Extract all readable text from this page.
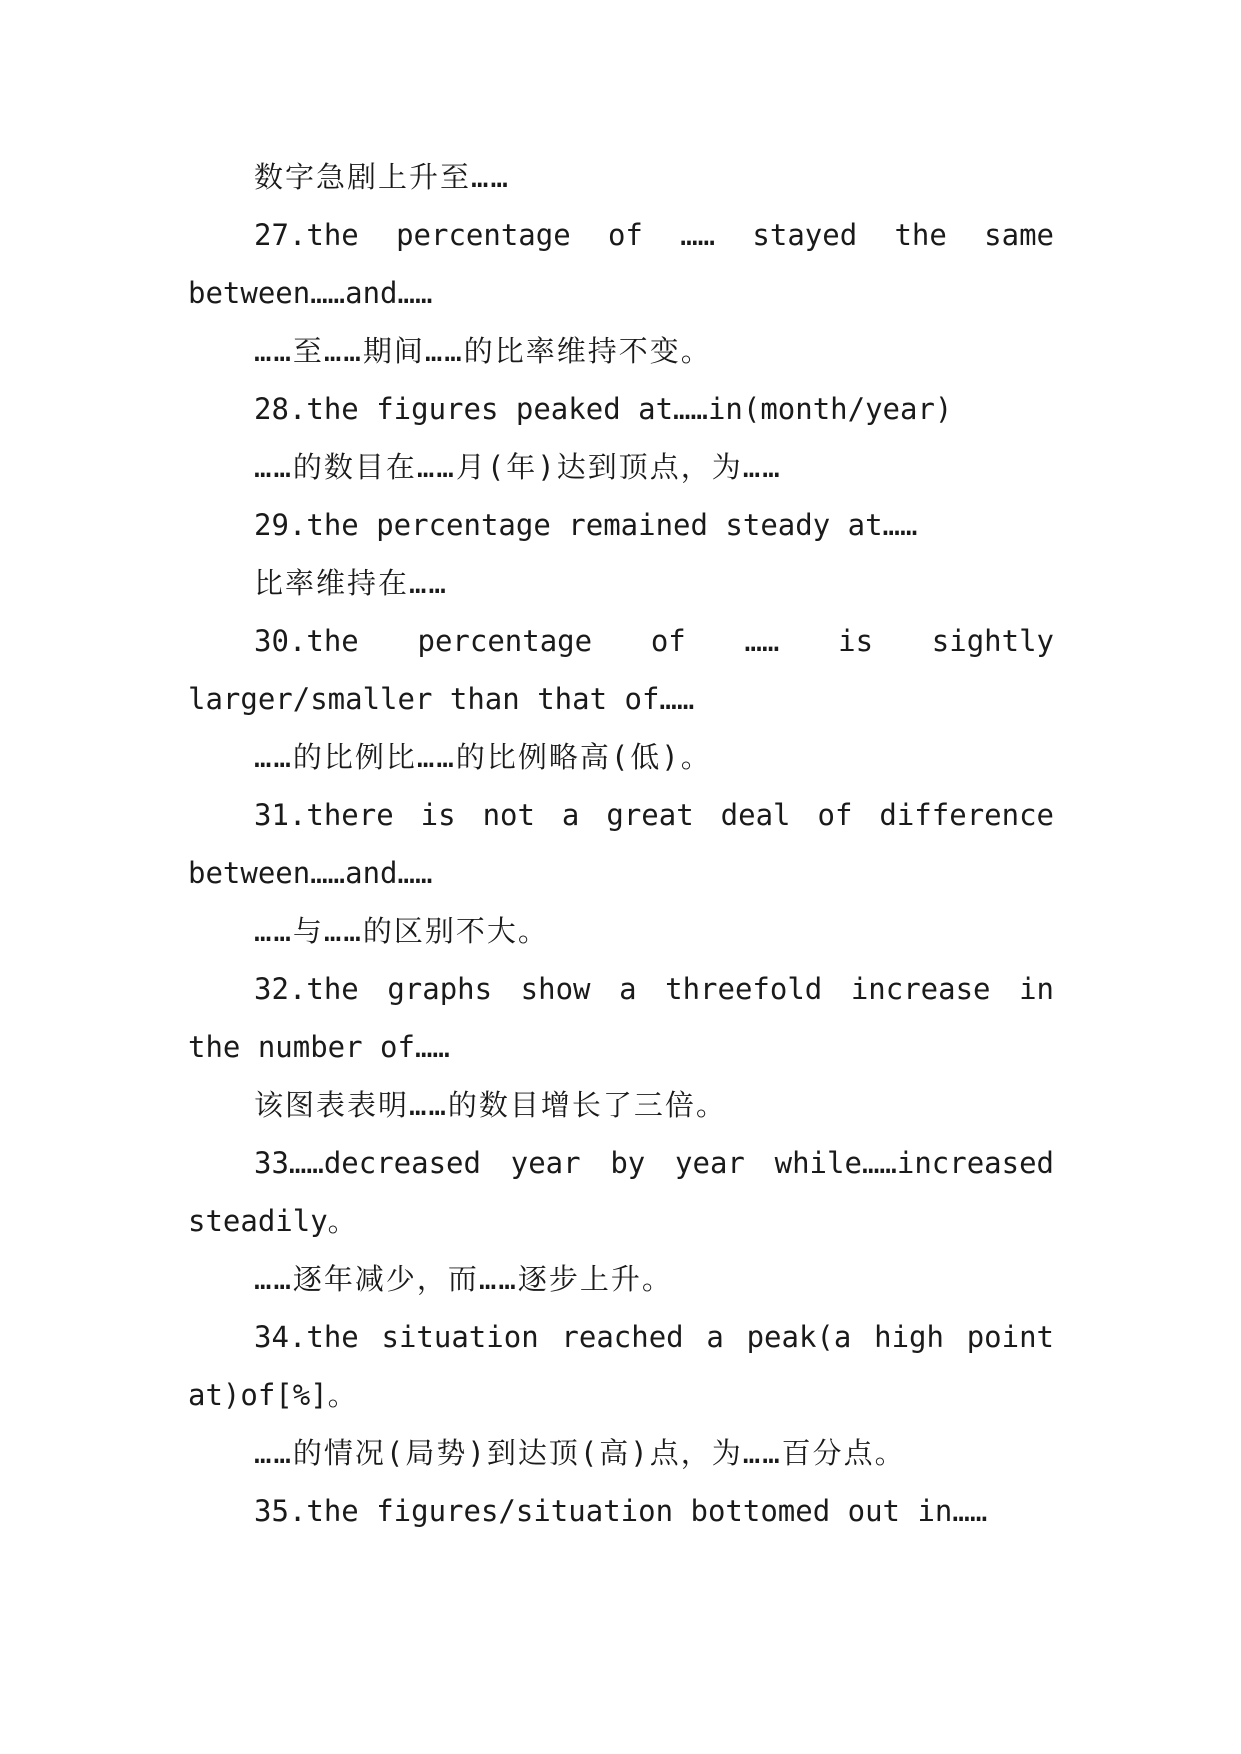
数字急剧上升至……

27.the percentage of …… stayed the same between……and……

……至……期间……的比率维持不变。

28.the figures peaked at……in(month/year)

……的数目在……月(年)达到顶点，为……

29.the percentage remained steady at……

比率维持在……

30.the percentage of …… is sightly larger/smaller than that of……

……的比例比……的比例略高(低)。

31.there is not a great deal of difference between……and……

……与……的区别不大。

32.the graphs show a threefold increase in the number of……

该图表表明……的数目增长了三倍。

33……decreased year by year while……increased steadily。

……逐年减少，而……逐步上升。

34.the situation reached a peak(a high point at)of[%]。

……的情况(局势)到达顶(高)点，为……百分点。

35.the figures/situation bottomed out in……
